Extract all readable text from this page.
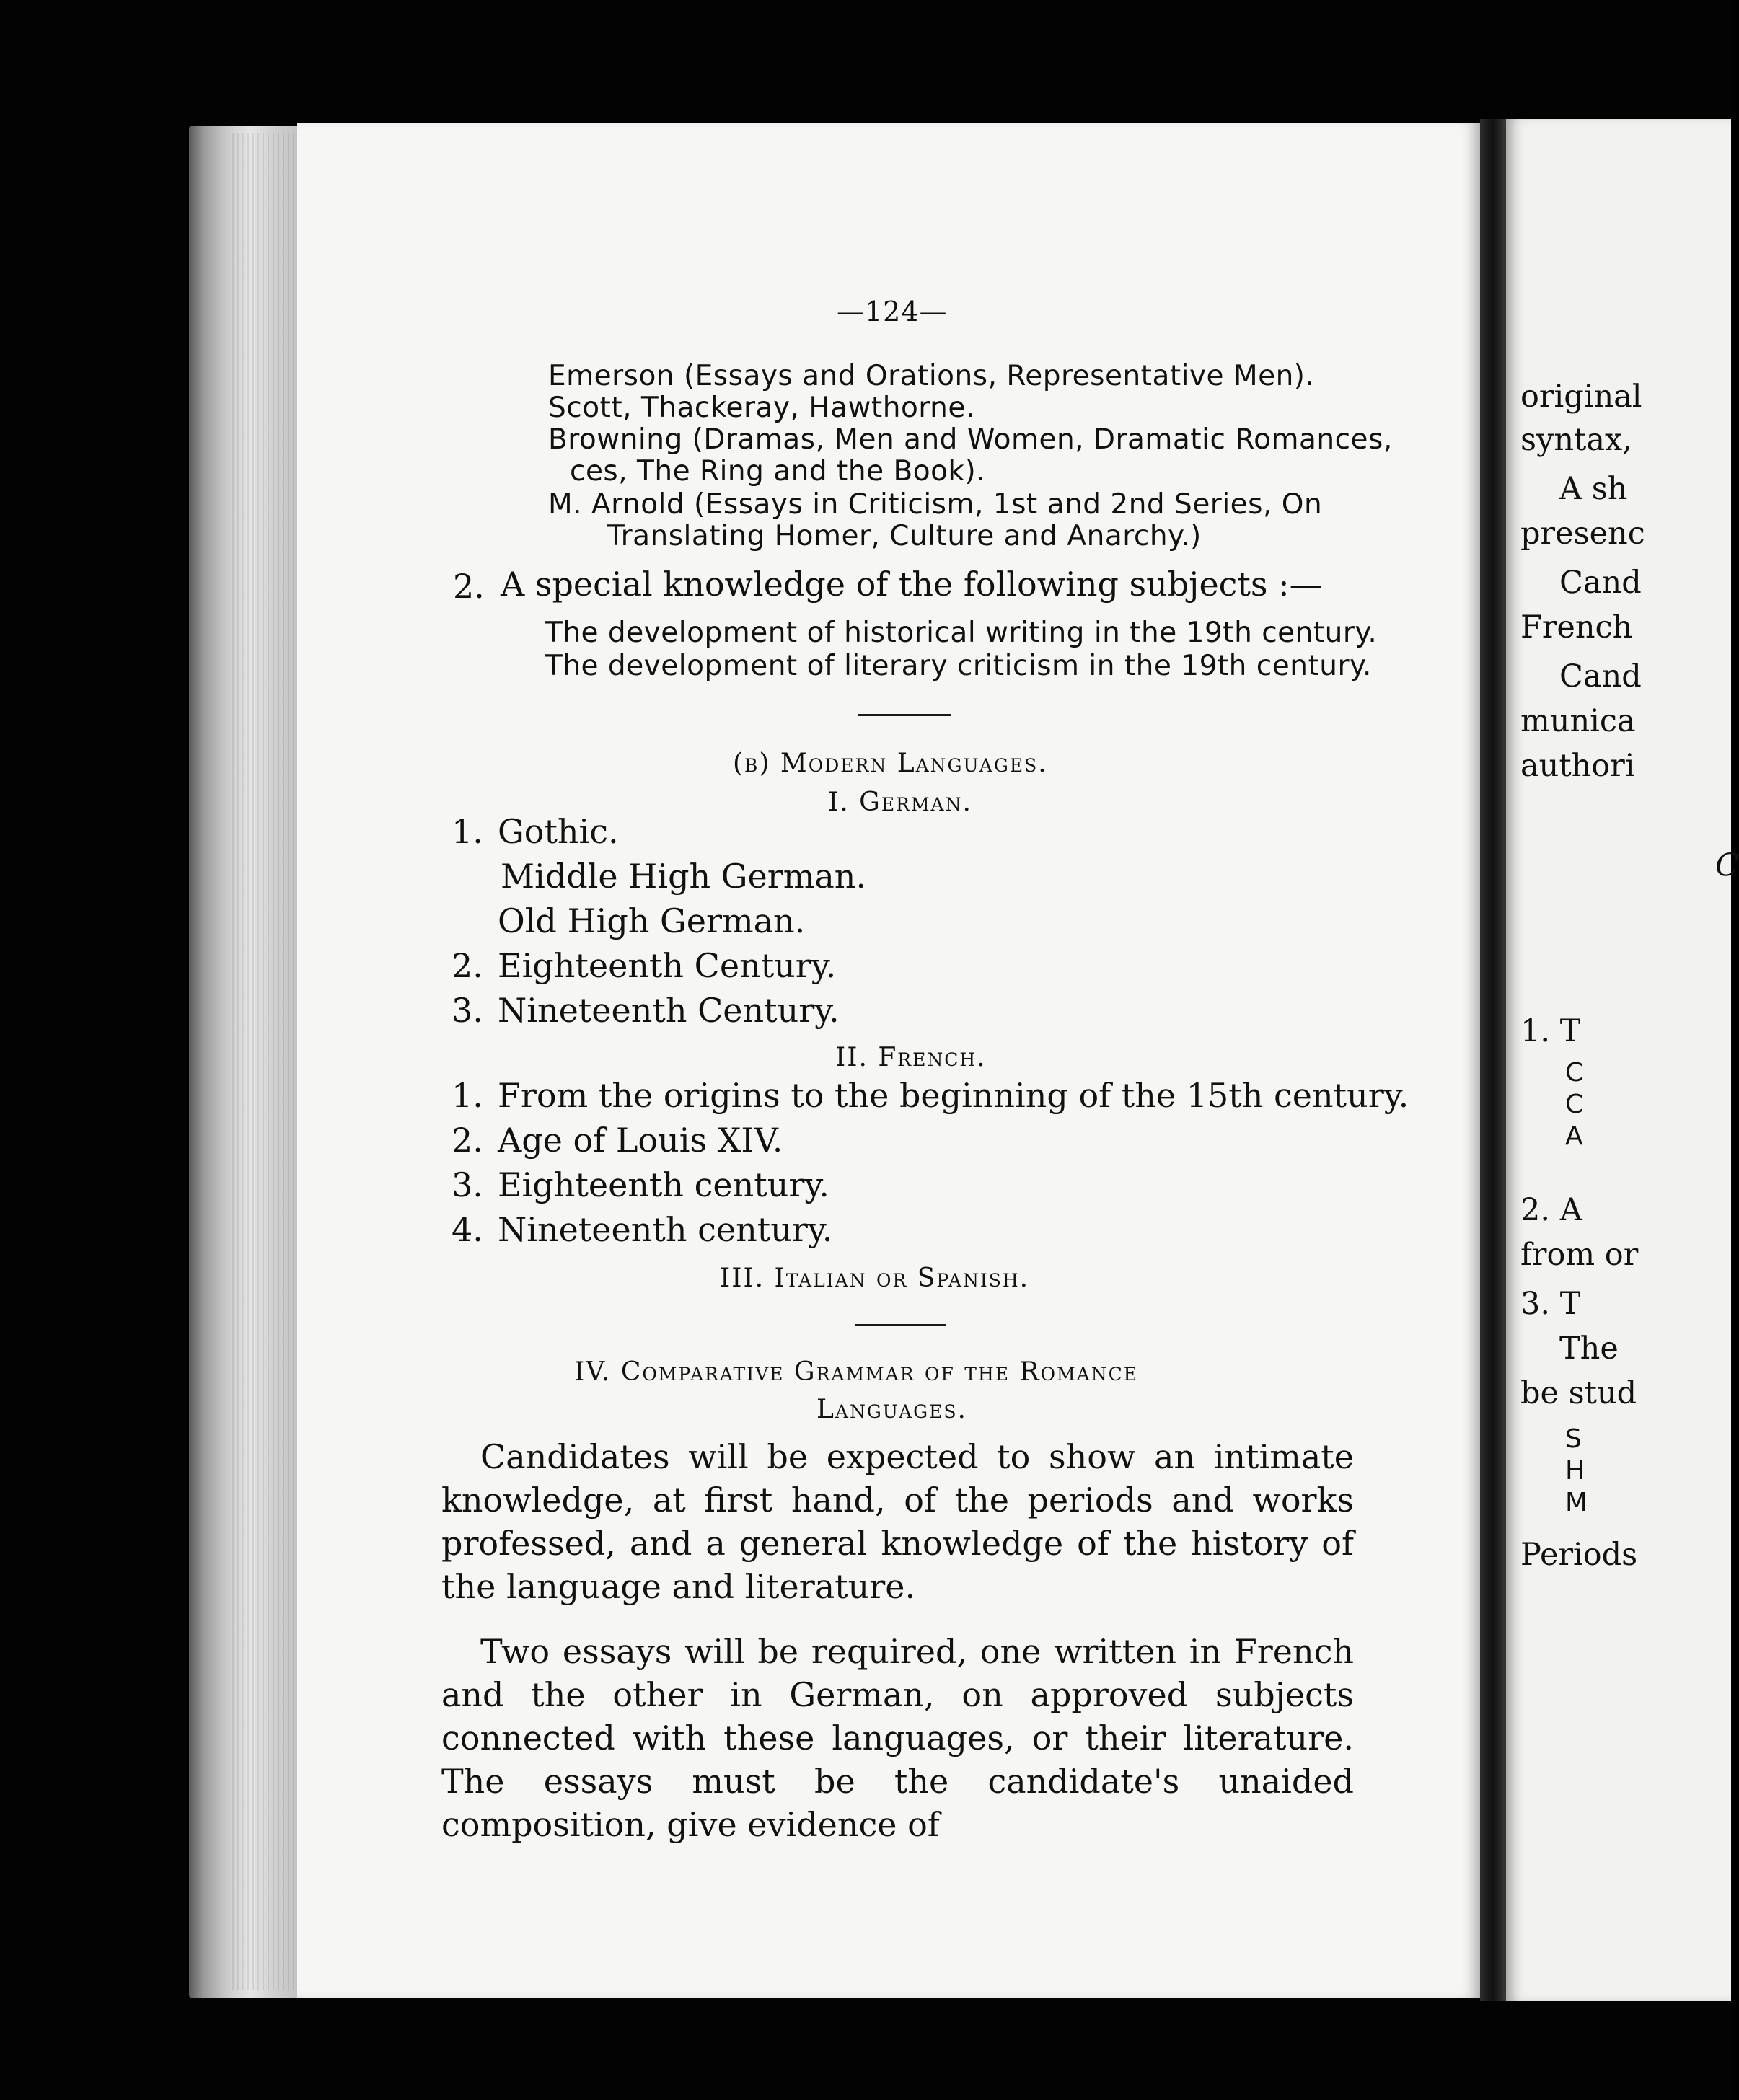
—124—
Emerson (Essays and Orations, Representative Men).
Scott, Thackeray, Hawthorne.
Browning (Dramas, Men and Women, Dramatic Romances,
ces, The Ring and the Book).
M. Arnold (Essays in Criticism, 1st and 2nd Series, On
Translating Homer, Culture and Anarchy.)
2. A special knowledge of the following subjects :—
The development of historical writing in the 19th century.
The development of literary criticism in the 19th century.
(b) Modern Languages.
I. German.
1. Gothic.
Middle High German.
Old High German.
2. Eighteenth Century.
3. Nineteenth Century.
II. French.
1. From the origins to the beginning of the 15th century.
2. Age of Louis XIV.
3. Eighteenth century.
4. Nineteenth century.
III. Italian or Spanish.
IV. Comparative Grammar of the Romance
Languages.
Candidates will be expected to show an intimate knowledge, at first hand, of the periods and works professed, and a general knowledge of the history of the language and literature.
Two essays will be required, one written in French and the other in German, on approved subjects connected with these languages, or their literature. The essays must be the candidate's unaided composition, give evidence of
original
syntax,
A sh
presenc
Cand
French
Cand
munica
authori
C
1. T
C
C
A
2. A
from or
3. T
The
be stud
S
H
M
Periods
